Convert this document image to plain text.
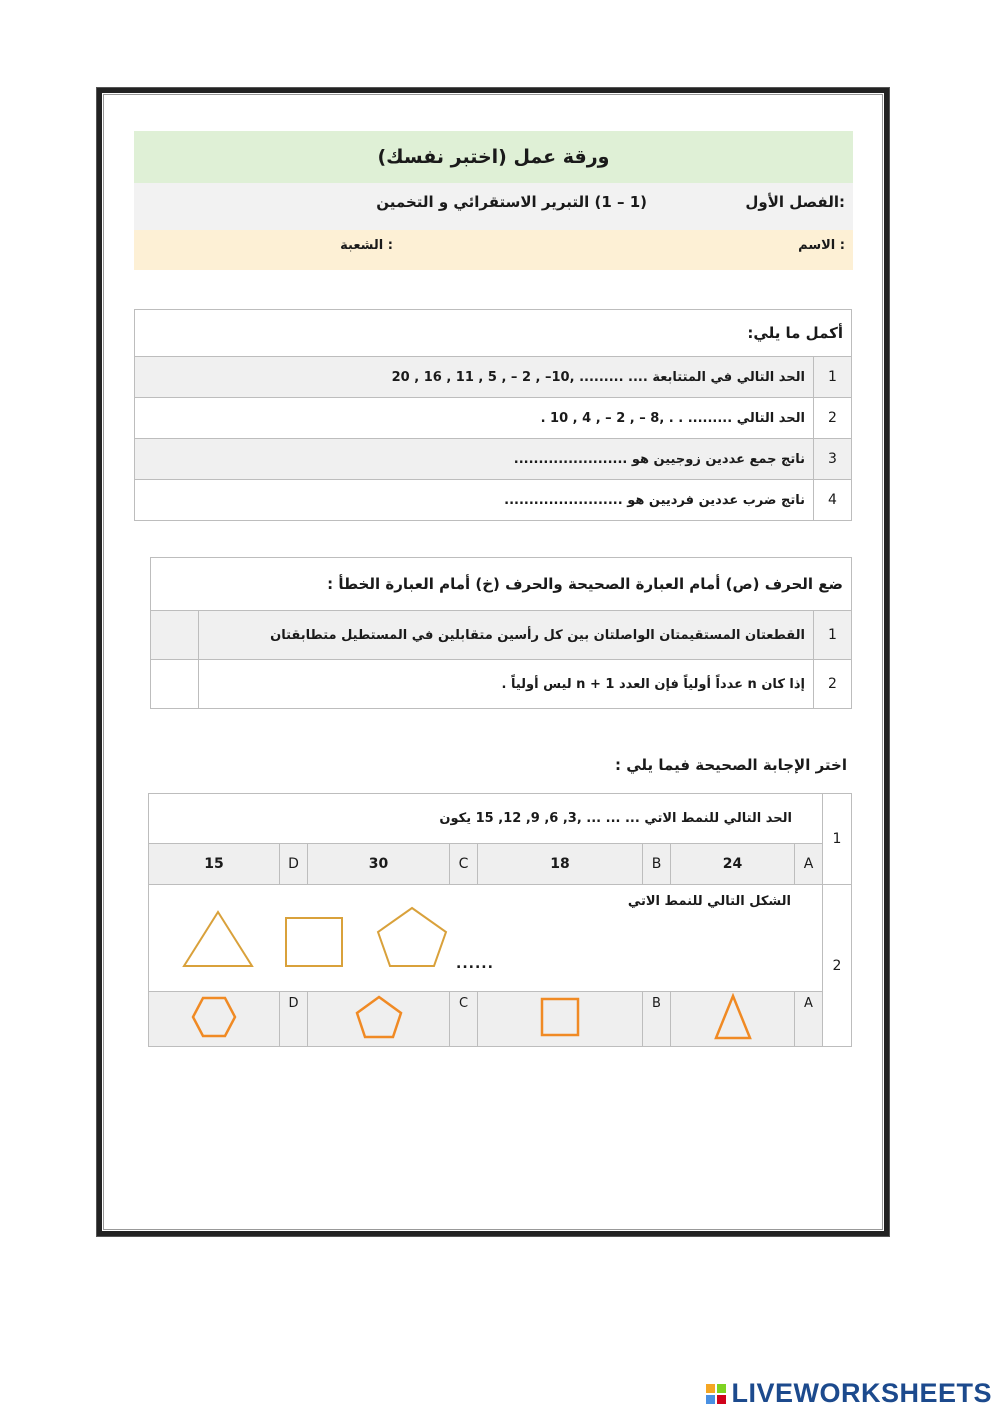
ورقة عمل (اختبر نفسك)
الفصل الأول:
(1 – 1) التبرير الاستقرائي و التخمين
الاسم :
الشعبة :
أكمل ما يلي:	
1	الحد التالي في المتتابعة .... ......... ,10– , 2 – , 5 , 11 , 16 , 20
2	الحد التالي ......... . . ,8 – , 2 – , 4 , 10 .
3	ناتج جمع عددين زوجيين هو .......................
4	ناتج ضرب عددين فرديين هو ........................
ضع الحرف (ص) أمام العبارة الصحيحة والحرف (خ) أمام العبارة الخطأ :		
1	القطعتان المستقيمتان الواصلتان بين كل رأسين متقابلين في المستطيل متطابقتان	
2	إذا كان n عدداً أولياً فإن العدد 1 + n ليس أولياً .	
اختر الإجابة الصحيحة فيما يلي :
1	الحد التالي للنمط الاتي ... ... ... ,3, 6, 9, 12, 15 يكون							
	A	24	B	18	C	30	D	15
2	الشكل التالي للنمط الاتي
......							

	A		B		C		D	
LIVEWORKSHEETS
